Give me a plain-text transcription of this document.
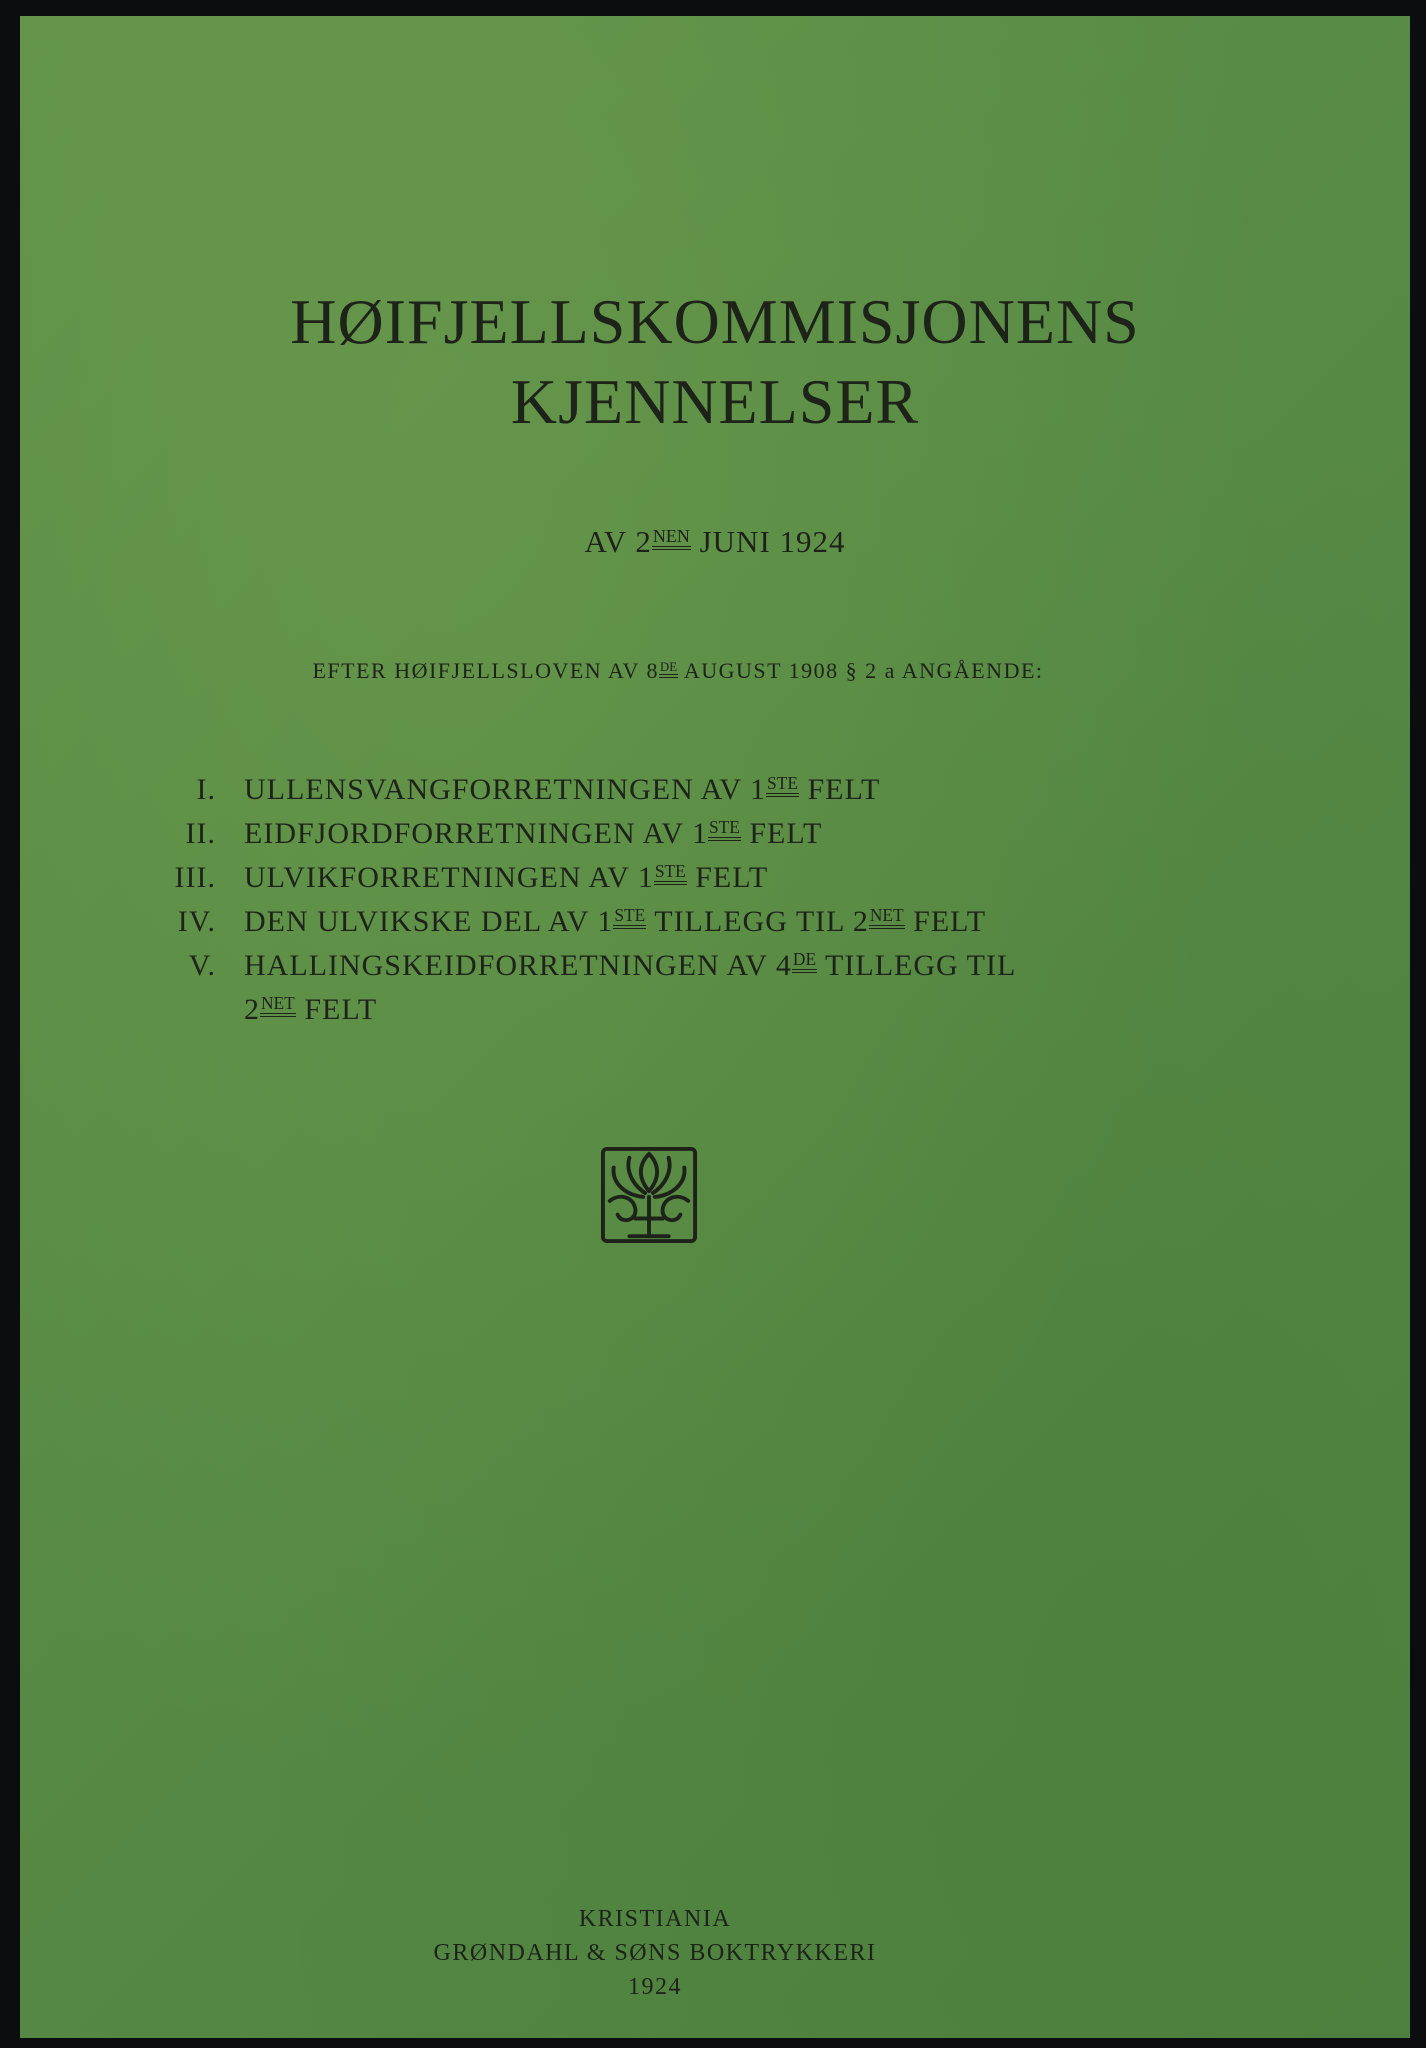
HØIFJELLSKOMMISJONENS
KJENNELSER
AV $2^{NEN}$ JUNI 1924
EFTER HØIFJELLSLOVEN AV 8DE AUGUST 1908 § 2 a ANGÅENDE:
I. ULLENSVANGFORRETNINGEN AV 1STE FELT
II. EIDFJORDFORRETNINGEN AV 1STE FELT
III. ULVIKFORRETNINGEN AV 1STE FELT
IV. DEN ULVIKSKE DEL AV 1STE TILLEGG TIL $2^{NET}$ FELT
V. HALLINGSKEIDFORRETNINGEN AV 4DE TILLEGG TIL
$2^{NET}$ FELT
KRISTIANIA
GRØNDAHL & SØNS BOKTRYKKERI
1924
